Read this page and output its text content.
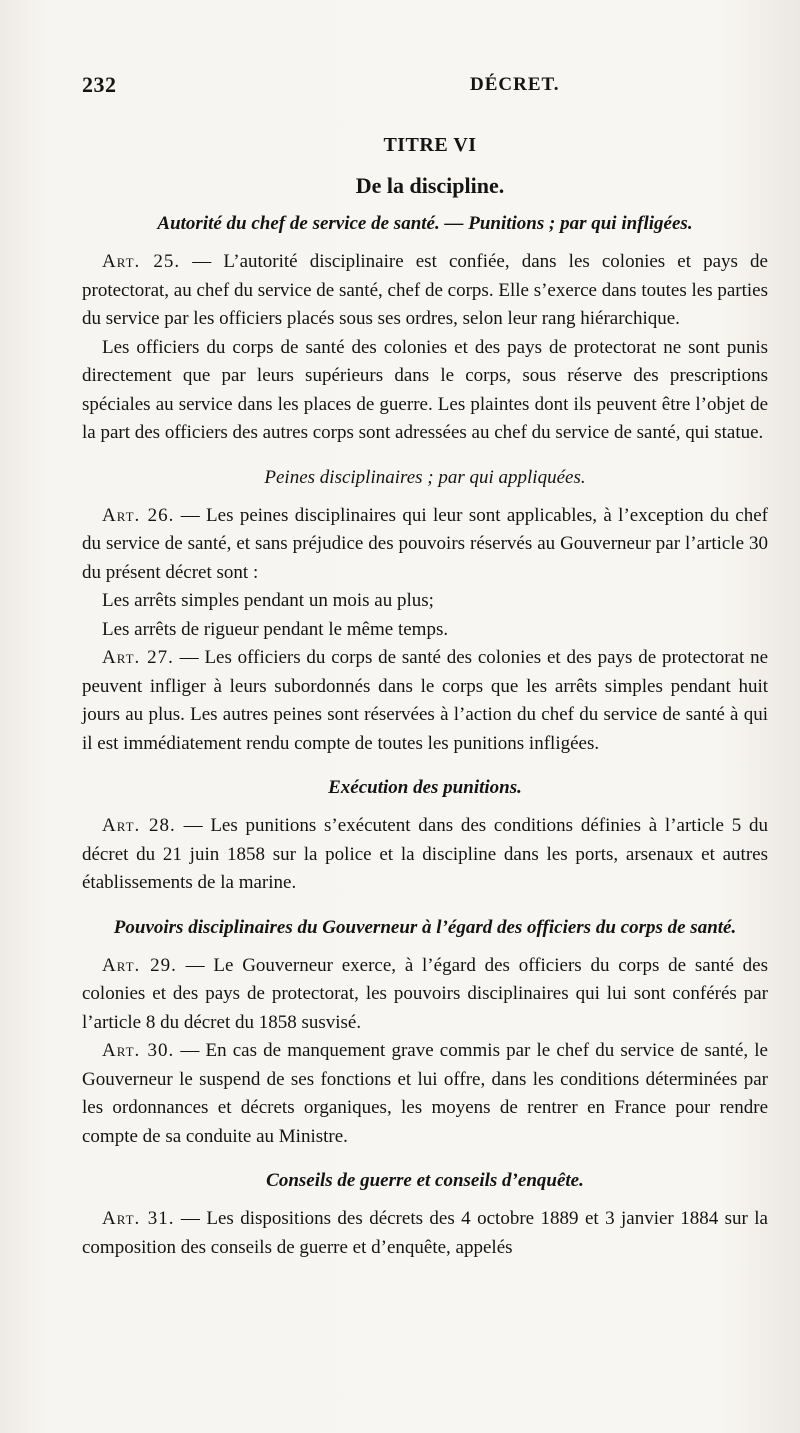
232	DÉCRET.
TITRE VI
De la discipline.
Autorité du chef de service de santé. — Punitions ; par qui infligées.

Art. 25. — L’autorité disciplinaire est confiée, dans les colonies et pays de protectorat, au chef du service de santé, chef de corps. Elle s’exerce dans toutes les parties du service par les officiers placés sous ses ordres, selon leur rang hiérarchique.

Les officiers du corps de santé des colonies et des pays de protectorat ne sont punis directement que par leurs supérieurs dans le corps, sous réserve des prescriptions spéciales au service dans les places de guerre. Les plaintes dont ils peuvent être l’objet de la part des officiers des autres corps sont adressées au chef du service de santé, qui statue.

Peines disciplinaires ; par qui appliquées.

Art. 26. — Les peines disciplinaires qui leur sont applicables, à l’exception du chef du service de santé, et sans préjudice des pouvoirs réservés au Gouverneur par l’article 30 du présent décret sont :

Les arrêts simples pendant un mois au plus;

Les arrêts de rigueur pendant le même temps.

Art. 27. — Les officiers du corps de santé des colonies et des pays de protectorat ne peuvent infliger à leurs subordonnés dans le corps que les arrêts simples pendant huit jours au plus. Les autres peines sont réservées à l’action du chef du service de santé à qui il est immédiatement rendu compte de toutes les punitions infligées.

Exécution des punitions.

Art. 28. — Les punitions s’exécutent dans des conditions définies à l’article 5 du décret du 21 juin 1858 sur la police et la discipline dans les ports, arsenaux et autres établissements de la marine.

Pouvoirs disciplinaires du Gouverneur à l’égard des officiers du corps de santé.

Art. 29. — Le Gouverneur exerce, à l’égard des officiers du corps de santé des colonies et des pays de protectorat, les pouvoirs disciplinaires qui lui sont conférés par l’article 8 du décret du 1858 susvisé.

Art. 30. — En cas de manquement grave commis par le chef du service de santé, le Gouverneur le suspend de ses fonctions et lui offre, dans les conditions déterminées par les ordonnances et décrets organiques, les moyens de rentrer en France pour rendre compte de sa conduite au Ministre.

Conseils de guerre et conseils d’enquête.

Art. 31. — Les dispositions des décrets des 4 octobre 1889 et 3 janvier 1884 sur la composition des conseils de guerre et d’enquête, appelés
